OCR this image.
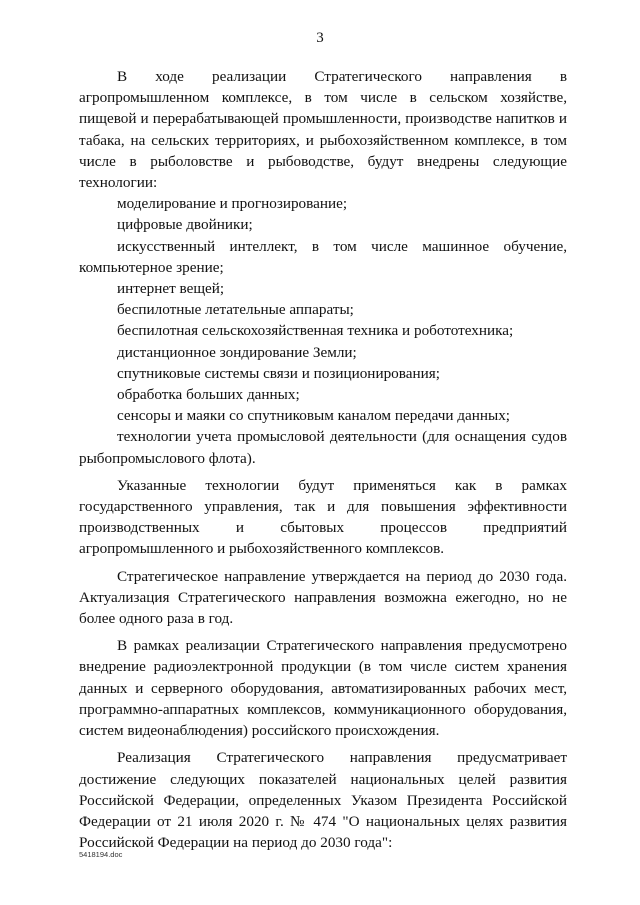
3

В ходе реализации Стратегического направления в агропромышленном комплексе, в том числе в сельском хозяйстве, пищевой и перерабатывающей промышленности, производстве напитков и табака, на сельских территориях, и рыбохозяйственном комплексе, в том числе в рыболовстве и рыбоводстве, будут внедрены следующие технологии:

моделирование и прогнозирование;
цифровые двойники;
искусственный интеллект, в том числе машинное обучение, компьютерное зрение;
интернет вещей;
беспилотные летательные аппараты;
беспилотная сельскохозяйственная техника и робототехника;
дистанционное зондирование Земли;
спутниковые системы связи и позиционирования;
обработка больших данных;
сенсоры и маяки со спутниковым каналом передачи данных;
технологии учета промысловой деятельности (для оснащения судов рыбопромыслового флота).

Указанные технологии будут применяться как в рамках государственного управления, так и для повышения эффективности производственных и сбытовых процессов предприятий агропромышленного и рыбохозяйственного комплексов.

Стратегическое направление утверждается на период до 2030 года. Актуализация Стратегического направления возможна ежегодно, но не более одного раза в год.

В рамках реализации Стратегического направления предусмотрено внедрение радиоэлектронной продукции (в том числе систем хранения данных и серверного оборудования, автоматизированных рабочих мест, программно-аппаратных комплексов, коммуникационного оборудования, систем видеонаблюдения) российского происхождения.

Реализация Стратегического направления предусматривает достижение следующих показателей национальных целей развития Российской Федерации, определенных Указом Президента Российской Федерации от 21 июля 2020 г. № 474 "О национальных целях развития Российской Федерации на период до 2030 года":

5418194.doc
